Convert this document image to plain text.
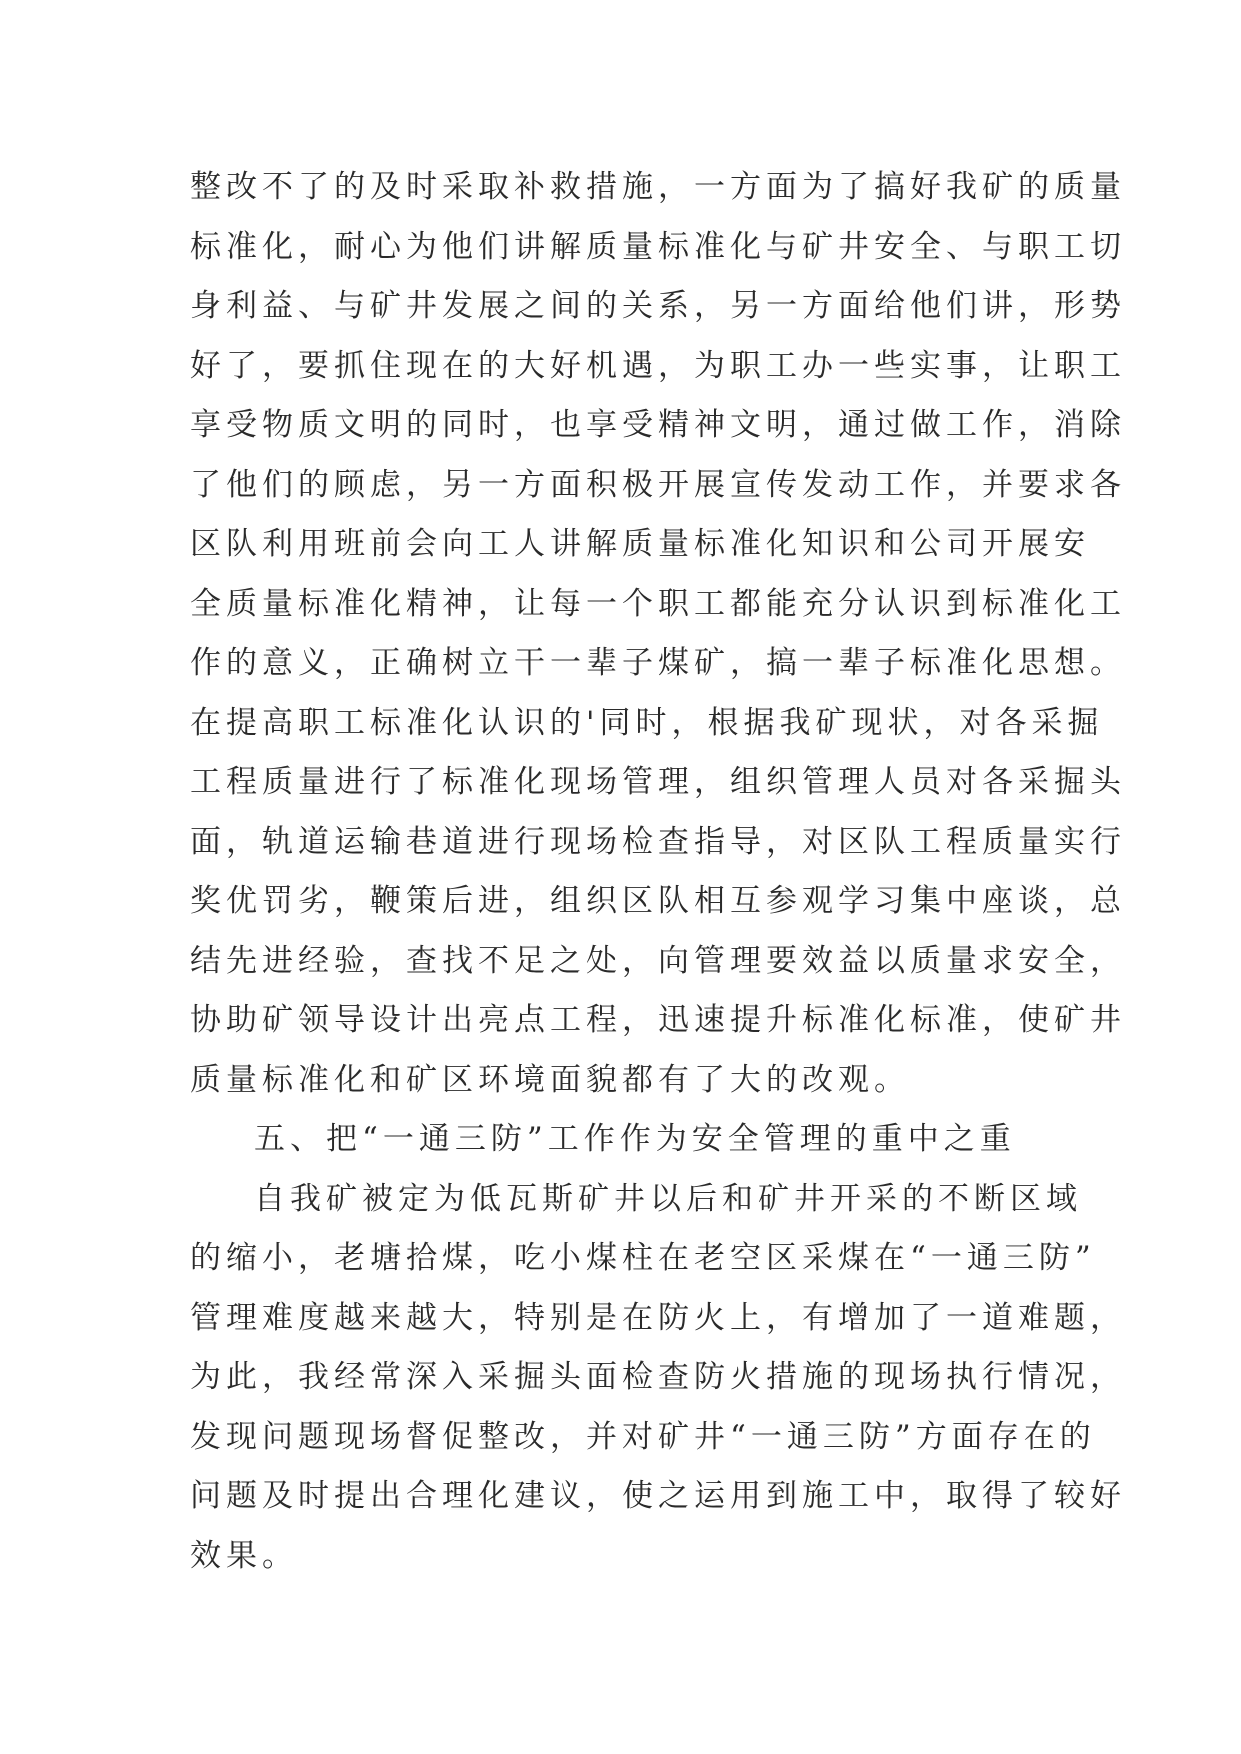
整改不了的及时采取补救措施，一方面为了搞好我矿的质量
标准化，耐心为他们讲解质量标准化与矿井安全、与职工切
身利益、与矿井发展之间的关系，另一方面给他们讲，形势
好了，要抓住现在的大好机遇，为职工办一些实事，让职工
享受物质文明的同时，也享受精神文明，通过做工作，消除
了他们的顾虑，另一方面积极开展宣传发动工作，并要求各
区队利用班前会向工人讲解质量标准化知识和公司开展安
全质量标准化精神，让每一个职工都能充分认识到标准化工
作的意义，正确树立干一辈子煤矿，搞一辈子标准化思想。
在提高职工标准化认识的'同时，根据我矿现状，对各采掘
工程质量进行了标准化现场管理，组织管理人员对各采掘头
面，轨道运输巷道进行现场检查指导，对区队工程质量实行
奖优罚劣，鞭策后进，组织区队相互参观学习集中座谈，总
结先进经验，查找不足之处，向管理要效益以质量求安全，
协助矿领导设计出亮点工程，迅速提升标准化标准，使矿井
质量标准化和矿区环境面貌都有了大的改观。
五、把“一通三防”工作作为安全管理的重中之重
自我矿被定为低瓦斯矿井以后和矿井开采的不断区域
的缩小，老塘拾煤，吃小煤柱在老空区采煤在“一通三防”
管理难度越来越大，特别是在防火上，有增加了一道难题，
为此，我经常深入采掘头面检查防火措施的现场执行情况，
发现问题现场督促整改，并对矿井“一通三防”方面存在的
问题及时提出合理化建议，使之运用到施工中，取得了较好
效果。
